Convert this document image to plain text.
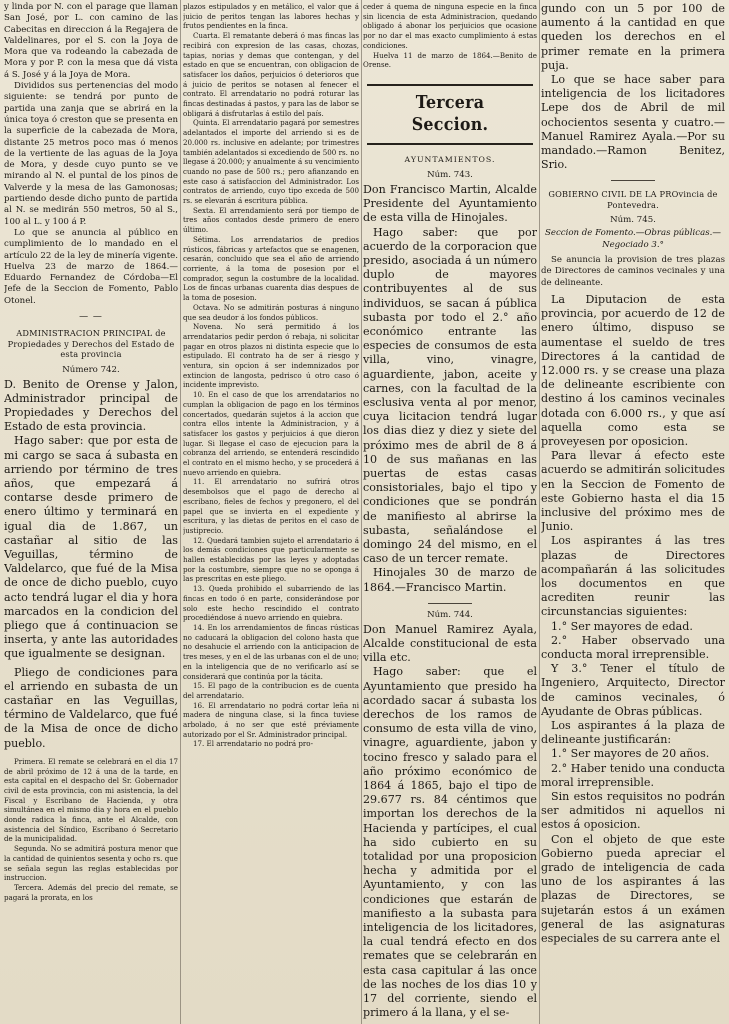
y linda por N. con el parage que llaman San José, por L. con camino de las Cabecitas en direccion á la Regajera de Valdelinares, por el S. con la Joya de Mora que va rodeando la cabezada de Mora y por P. con la mesa que dá vista á S. José y á la Joya de Mora.

Divididos sus pertenencias del modo siguiente: se tendrá por punto de partida una zanja que se abrirá en la única toya ó creston que se presenta en la superficie de la cabezada de Mora, distante 25 metros poco mas ó menos de la vertiente de las aguas de la Joya de Mora, y desde cuyo punto se ve mirando al N. el puntal de los pinos de Valverde y la mesa de las Gamonosas; partiendo desde dicho punto de partida al N. se medirán 550 metros, 50 al S., 100 al L. y 100 á P.

Lo que se anuncia al público en cumplimiento de lo mandado en el artículo 22 de la ley de minería vigente. Huelva 23 de marzo de 1864.—Eduardo Fernandez de Córdoba—El Jefe de la Seccion de Fomento, Pablo Otonel.

— —

ADMINISTRACION PRINCIPAL de Propiedades y Derechos del Estado de esta provincia

Número 742.

D. Benito de Orense y Jalon, Administrador principal de Propiedades y Derechos del Estado de esta provincia.

Hago saber: que por esta de mi cargo se saca á subasta en arriendo por término de tres años, que empezará á contarse desde primero de enero último y terminará en igual dia de 1.867, un castañar al sitio de las Veguillas, término de Valdelarco, que fué de la Misa de once de dicho pueblo, cuyo acto tendrá lugar el dia y hora marcados en la condicion del pliego que á continuacion se inserta, y ante las autoridades que igualmente se designan.

Pliego de condiciones para el arriendo en subasta de un castañar en las Veguillas, término de Valdelarco, que fué de la Misa de once de dicho pueblo.

Primera. El remate se celebrará en el dia 17 de abril próximo de 12 á una de la tarde, en esta capital en el despacho del Sr. Gobernador civil de esta provincia, con mi asistencia, la del Fiscal y Escribano de Hacienda, y otra simultánea en el mismo dia y hora en el pueblo donde radica la finca, ante el Alcalde, con asistencia del Síndico, Escribano ó Secretario de la municipalidad.

Segunda. No se admitirá postura menor que la cantidad de quinientos sesenta y ocho rs. que se señala segun las reglas establecidas por instruccion.

Tercera. Además del precio del remate, se pagará la prorata, en los

plazos estipulados y en metálico, el valor que á juicio de peritos tengan las labores hechas y frutos pendientes en la finca.

Cuarta. El rematante deberá ó mas fincas las recibirá con expresion de las casas, chozas, tapias, norias y demas que contengan, y del estado en que se encuentran, con obligacion de satisfacer los daños, perjuicios ó deterioros que á juicio de peritos se notasen al fenecer el contrato. El arrendatario no podrá roturar las fincas destinadas á pastos, y para las de labor se obligará á disfrutarlas á estilo del país.

Quinta. El arrendatario pagará por semestres adelantados el importe del arriendo si es de 20.000 rs. inclusive en adelante; por trimestres también adelantados si excediendo de 500 rs. no llegase á 20.000; y anualmente á su vencimiento cuando no pase de 500 rs.; pero afianzando en este caso á satisfaccion del Administrador. Los contratos de arriendo, cuyo tipo exceda de 500 rs. se elevarán á escritura pública.

Sexta. El arrendamiento será por tiempo de tres años contados desde primero de enero último.

Sétima. Los arrendatarios de predios rústicos, fábricas y artefactos que se enagenen, cesarán, concluido que sea el año de arriendo corriente, á la toma de posesion por el comprador, segun la costumbre de la localidad. Los de fincas urbanas cuarenta dias despues de la toma de posesion.

Octava. No se admitirán posturas á ninguno que sea deudor á los fondos públicos.

Novena. No será permitido á los arrendatarios pedir perdon ó rebaja, ni solicitar pagar en otros plazos ni distinta especie que lo estipulado. El contrato ha de ser á riesgo y ventura, sin opcion á ser indemnizados por extincion de langosta, pedrisco ú otro caso ó incidente imprevisto.

10. En el caso de que los arrendatarios no cumplan la obligacion de pago en los términos concertados, quedarán sujetos á la accion que contra ellos intente la Administracion, y á satisfacer los gastos y perjuicios á que dieron lugar. Si llegase el caso de ejecucion para la cobranza del arriendo, se entenderá rescindido el contrato en el mismo hecho, y se procederá á nuevo arriendo en quiebra.

11. El arrendatario no sufrirá otros desembolsos que el pago de derecho al escribano, fieles de fechos y pregonero, el del papel que se invierta en el expediente y escritura, y las dietas de peritos en el caso de justiprecio.

12. Quedará tambien sujeto el arrendatario á los demás condiciones que particularmente se hallen establecidas por las leyes y adoptadas por la costumbre, siempre que no se oponga á las prescritas en este pliego.

13. Queda prohibido el subarriendo de las fincas en todo ó en parte, considerándose por solo este hecho rescindido el contrato procediéndose á nuevo arriendo en quiebra.

14. En los arrendamientos de fincas rústicas no caducará la obligacion del colono hasta que no desahucie el arriendo con la anticipacion de tres meses, y en el de las urbanas con el de uno; en la inteligencia que de no verificarlo así se considerará que continúa por la tácita.

15. El pago de la contribucion es de cuenta del arrendatario.

16. El arrendatario no podrá cortar leña ni madera de ninguna clase, si la finca tuviese arbolado, á no ser que esté préviamente autorizado por el Sr. Administrador principal.

17. El arrendatario no podrá pro-

ceder á quema de ninguna especie en la finca sin licencia de esta Administracion, quedando obligado á abonar los perjuicios que ocasione por no dar el mas exacto cumplimiento á estas condiciones.

Huelva 11 de marzo de 1864.—Benito de Orense.

Tercera Seccion.

AYUNTAMIENTOS.

Núm. 743.

Don Francisco Martin, Alcalde Presidente del Ayuntamiento de esta villa de Hinojales.

Hago saber: que por acuerdo de la corporacion que presido, asociada á un número duplo de mayores contribuyentes al de sus individuos, se sacan á pública subasta por todo el 2.° año económico entrante las especies de consumos de esta villa, vino, vinagre, aguardiente, jabon, aceite y carnes, con la facultad de la esclusiva venta al por menor, cuya licitacion tendrá lugar los dias diez y diez y siete del próximo mes de abril de 8 á 10 de sus mañanas en las puertas de estas casas consistoriales, bajo el tipo y condiciones que se pondrán de manifiesto al abrirse la subasta, señalándose el domingo 24 del mismo, en el caso de un tercer remate.

Hinojales 30 de marzo de 1864.—Francisco Martin.

Núm. 744.

Don Manuel Ramirez Ayala, Alcalde constitucional de esta villa etc.

Hago saber: que el Ayuntamiento que presido ha acordado sacar á subasta los derechos de los ramos de consumo de esta villa de vino, vinagre, aguardiente, jabon y tocino fresco y salado para el año próximo económico de 1864 á 1865, bajo el tipo de 29.677 rs. 84 céntimos que importan los derechos de la Hacienda y partícipes, el cual ha sido cubierto en su totalidad por una proposicion hecha y admitida por el Ayuntamiento, y con las condiciones que estarán de manifiesto a la subasta para inteligencia de los licitadores, la cual tendrá efecto en dos remates que se celebrarán en esta casa capitular á las once de las noches de los dias 10 y 17 del corriente, siendo el primero á la llana, y el se-

gundo con un 5 por 100 de aumento á la cantidad en que queden los derechos en el primer remate en la primera puja.

Lo que se hace saber para inteligencia de los licitadores Lepe dos de Abril de mil ochocientos sesenta y cuatro.—Manuel Ramirez Ayala.—Por su mandado.—Ramon Benitez, Srio.

GOBIERNO CIVIL DE LA PROvincia de Pontevedra.

Núm. 745.

Seccion de Fomento.—Obras públicas.—Negociado 3.°

Se anuncia la provision de tres plazas de Directores de caminos vecinales y una de delineante.

La Diputacion de esta provincia, por acuerdo de 12 de enero último, dispuso se aumentase el sueldo de tres Directores á la cantidad de 12.000 rs. y se crease una plaza de delineante escribiente con destino á los caminos vecinales dotada con 6.000 rs., y que así aquella como esta se proveyesen por oposicion.

Para llevar á efecto este acuerdo se admitirán solicitudes en la Seccion de Fomento de este Gobierno hasta el dia 15 inclusive del próximo mes de Junio.

Los aspirantes á las tres plazas de Directores acompañarán á las solicitudes los documentos en que acrediten reunir las circunstancias siguientes:

1.° Ser mayores de edad.

2.° Haber observado una conducta moral irreprensible.

Y 3.° Tener el título de Ingeniero, Arquitecto, Director de caminos vecinales, ó Ayudante de Obras públicas.

Los aspirantes á la plaza de delineante justificarán:

1.° Ser mayores de 20 años.

2.° Haber tenido una conducta moral irreprensible.

Sin estos requisitos no podrán ser admitidos ni aquellos ni estos á oposicion.

Con el objeto de que este Gobierno pueda apreciar el grado de inteligencia de cada uno de los aspirantes á las plazas de Directores, se sujetarán estos á un exámen general de las asignaturas especiales de su carrera ante el
